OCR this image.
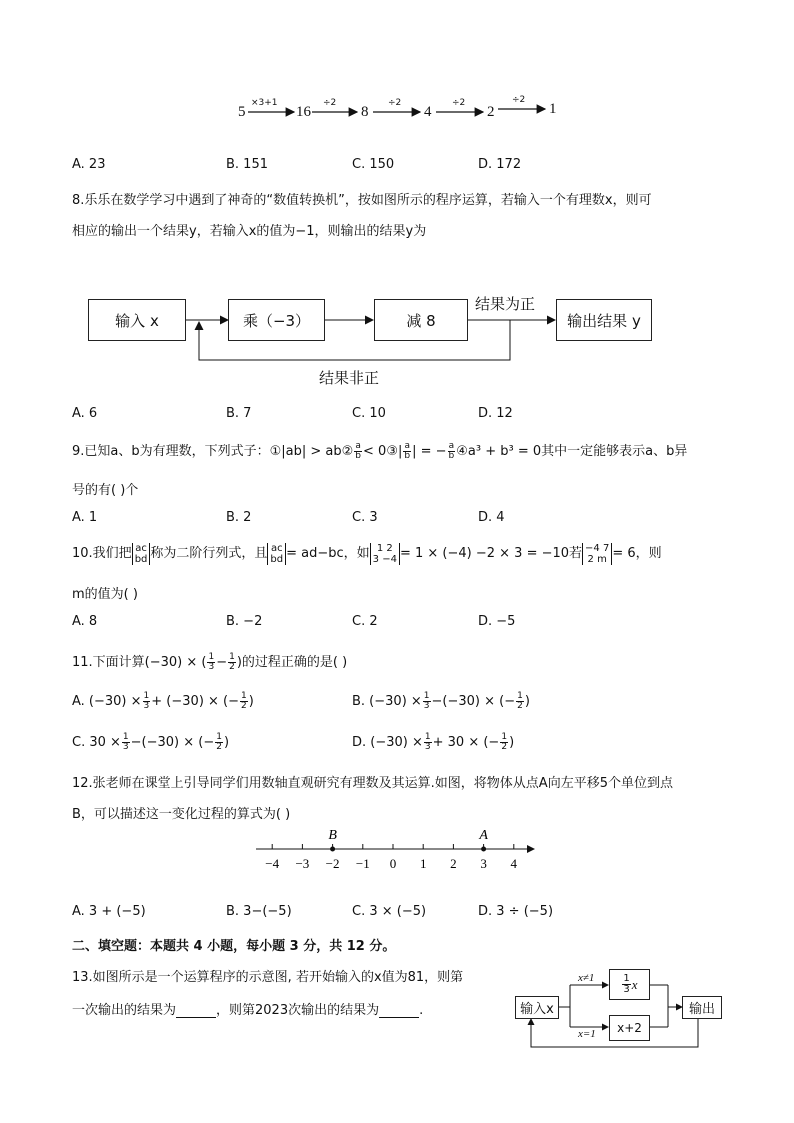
5	16	8	4	2	1
×3+1	÷2	÷2	÷2	÷2
A. 23	B. 151	C. 150	D. 172
8.乐乐在数学学习中遇到了神奇的“数值转换机”，按如图所示的程序运算，若输入一个有理数x，则可
相应的输出一个结果y，若输入x的值为−1，则输出的结果y为
输入 x	乘（−3）	减 8	输出结果 y
结果为正
结果非正
A. 6	B. 7	C. 10	D. 12
9.已知a、b为有理数，下列式子：①|ab| > ab② $\frac{a}{b}$ < 0③| $\frac{a}{b}$ | = − $\frac{a}{b}$ ④a³ + b³ = 0其中一定能够表示a、b异
号的有( )个
A. 1	B. 2	C. 3	D. 4
10.我们把 ac
bd 称为二阶行列式，且 ac
bd = ad−bc，如 1 2
3 −4 = 1 × (−4) −2 × 3 = −10若 −4 7
2 m = 6，则
m的值为( )
A. 8	B. −2	C. 2	D. −5
11.下面计算(−30) × ( $\frac{1}{3} - \frac{1}{2}$ )的过程正确的是( )
A. $(-30) \times \frac{1}{3} + (-30)$ × (− $\frac{1}{2}$ )	B. $(-30) \times \frac{1}{3} -(-30)$ × (− $\frac{1}{2}$ )
C. $30 \times \frac{1}{3} -(-30)$ × (− $\frac{1}{2}$ )	D. $(-30) \times \frac{1}{3} + 30$ × (− $\frac{1}{2}$ )
12.张老师在课堂上引导同学们用数轴直观研究有理数及其运算.如图，将物体从点A向左平移5个单位到点
B，可以描述这一变化过程的算式为( )
−4 −3 −2 −1 0 1 2 3 4
A
B
A. 3 + (−5)	B. 3−(−5)	C. 3 × (−5)	D. 3 ÷ (−5)
二、填空题：本题共 4 小题，每小题 3 分，共 12 分。
13.如图所示是一个运算程序的示意图, 若开始输入的x值为81，则第
一次输出的结果为	，则第2023次输出的结果为	.	输入x
$\frac{1}{3}$ x
x+2
输出
x≠1
x=1
